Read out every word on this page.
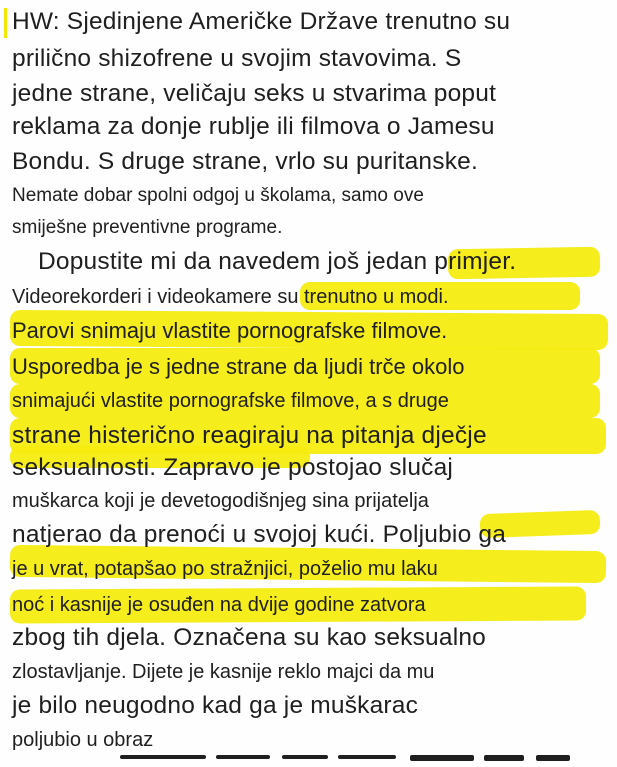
HW: Sjedinjene Američke Države trenutno su
prilično shizofrene u svojim stavovima. S
jedne strane, veličaju seks u stvarima poput
reklama za donje rublje ili filmova o Jamesu
Bondu. S druge strane, vrlo su puritanske.
Nemate dobar spolni odgoj u školama, samo ove
smiješne preventivne programe.
Dopustite mi da navedem još jedan primjer.
Videorekorderi i videokamere su trenutno u modi.
Parovi snimaju vlastite pornografske filmove.
Usporedba je s jedne strane da ljudi trče okolo
snimajući vlastite pornografske filmove, a s druge
strane histerično reagiraju na pitanja dječje
seksualnosti. Zapravo je postojao slučaj
muškarca koji je devetogodišnjeg sina prijatelja
natjerao da prenoći u svojoj kući. Poljubio ga
je u vrat, potapšao po stražnjici, poželio mu laku
noć i kasnije je osuđen na dvije godine zatvora
zbog tih djela. Označena su kao seksualno
zlostavljanje. Dijete je kasnije reklo majci da mu
je bilo neugodno kad ga je muškarac
poljubio u obraz
